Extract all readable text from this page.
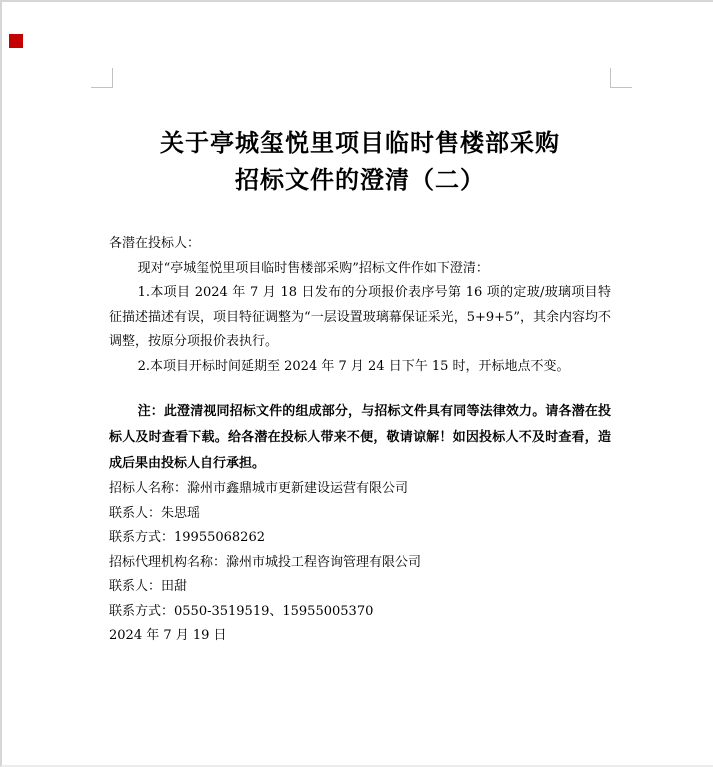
关于亭城玺悦里项目临时售楼部采购
招标文件的澄清（二）

各潜在投标人：

现对“亭城玺悦里项目临时售楼部采购”招标文件作如下澄清：

1.本项目 2024 年 7 月 18 日发布的分项报价表序号第 16 项的定玻/玻璃项目特征描述描述有误，项目特征调整为“一层设置玻璃幕保证采光，5+9+5”，其余内容均不调整，按原分项报价表执行。

2.本项目开标时间延期至 2024 年 7 月 24 日下午 15 时，开标地点不变。

注：此澄清视同招标文件的组成部分，与招标文件具有同等法律效力。请各潜在投标人及时查看下载。给各潜在投标人带来不便，敬请谅解！如因投标人不及时查看，造成后果由投标人自行承担。

招标人名称：滁州市鑫鼎城市更新建设运营有限公司

联系人：朱思瑶

联系方式：19955068262

招标代理机构名称：滁州市城投工程咨询管理有限公司

联系人：田甜

联系方式：0550-3519519、15955005370

2024 年 7 月 19 日
